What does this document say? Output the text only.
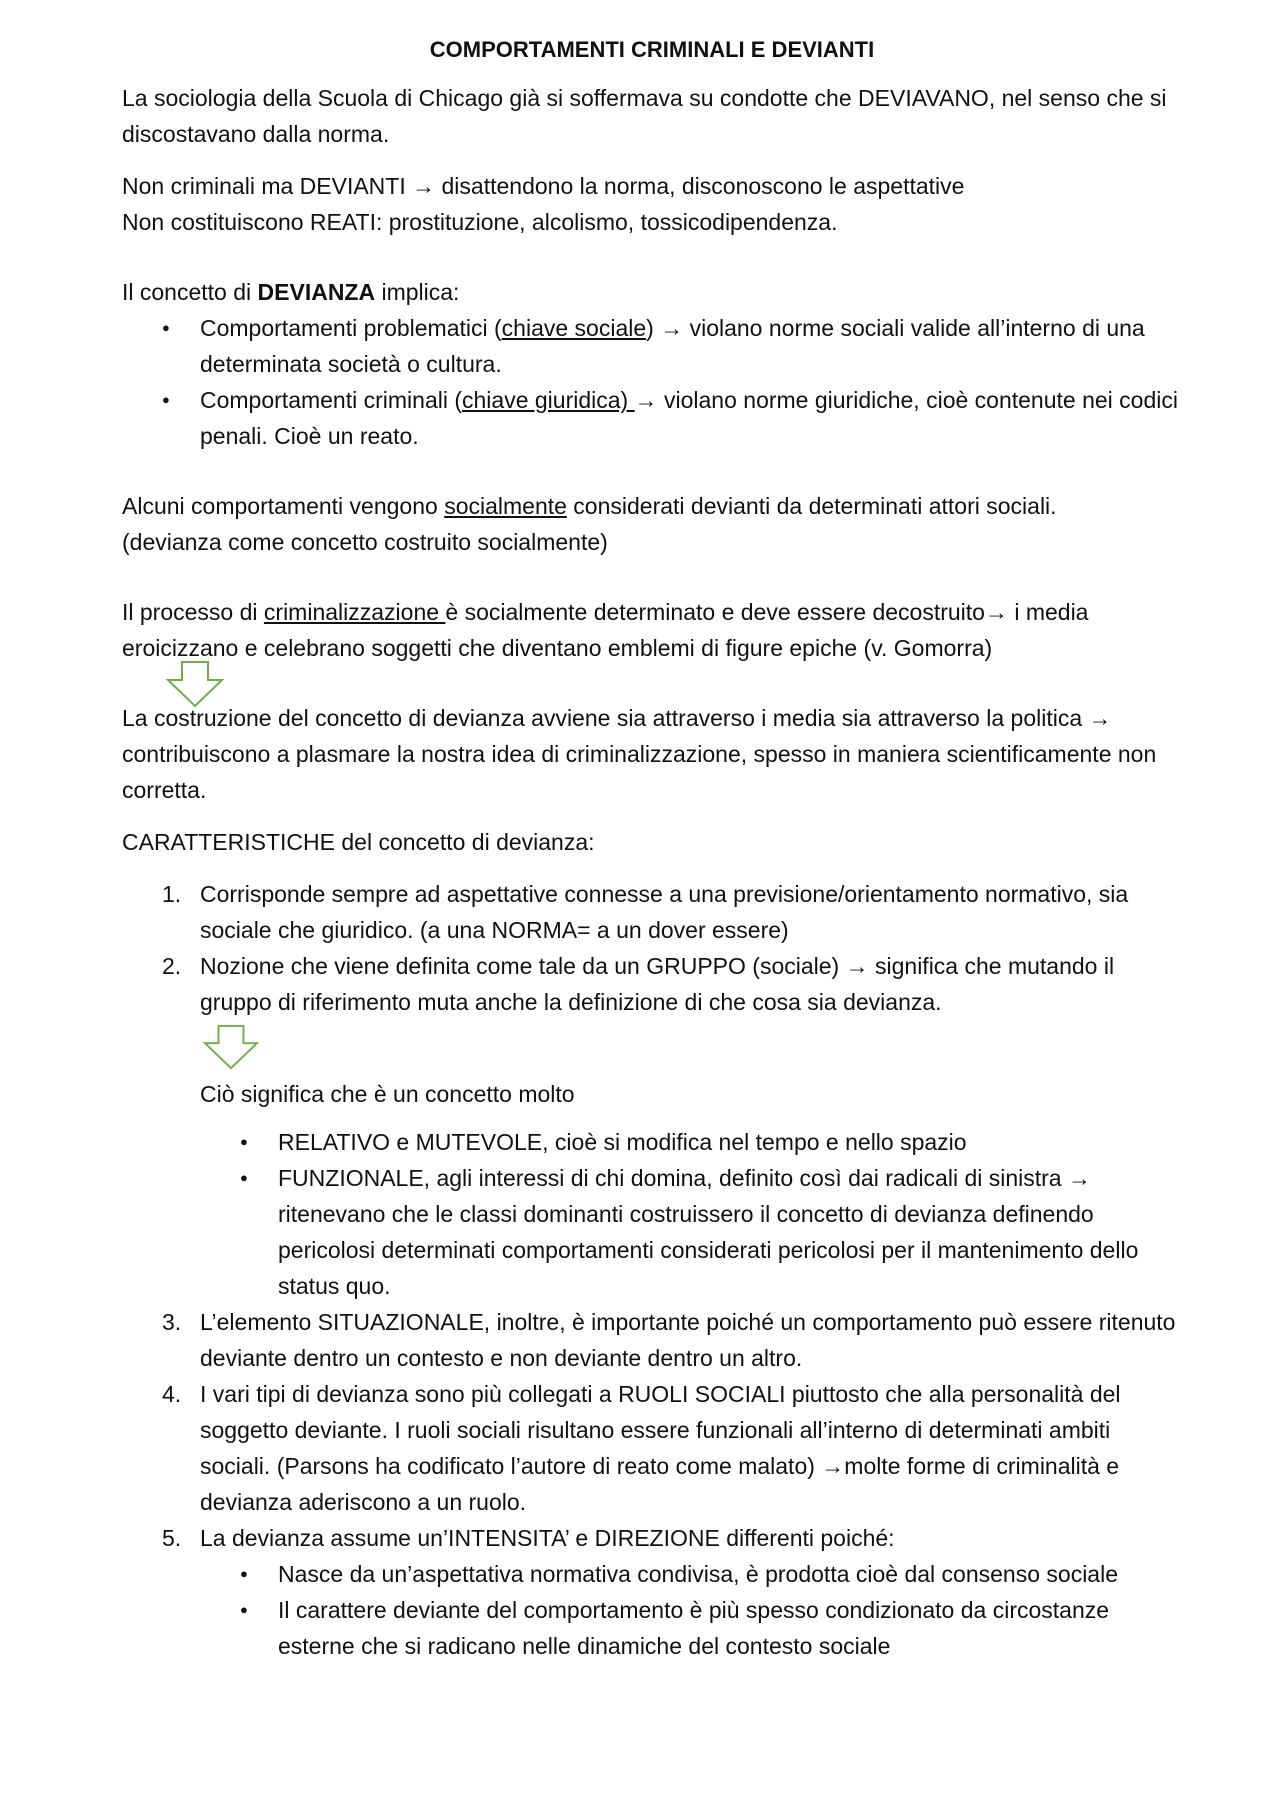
COMPORTAMENTI CRIMINALI E DEVIANTI

La sociologia della Scuola di Chicago già si soffermava su condotte che DEVIAVANO, nel senso che si discostavano dalla norma.

Non criminali ma DEVIANTI → disattendono la norma, disconoscono le aspettative

Non costituiscono REATI: prostituzione, alcolismo, tossicodipendenza.

Il concetto di DEVIANZA implica:

● Comportamenti problematici (chiave sociale) → violano norme sociali valide all’interno di una determinata società o cultura.
● Comportamenti criminali (chiave giuridica) → violano norme giuridiche, cioè contenute nei codici penali. Cioè un reato.

Alcuni comportamenti vengono socialmente considerati devianti da determinati attori sociali.

(devianza come concetto costruito socialmente)

Il processo di criminalizzazione è socialmente determinato e deve essere decostruito→ i media eroicizzano e celebrano soggetti che diventano emblemi di figure epiche (v. Gomorra)

La costruzione del concetto di devianza avviene sia attraverso i media sia attraverso la politica → contribuiscono a plasmare la nostra idea di criminalizzazione, spesso in maniera scientificamente non corretta.

CARATTERISTICHE del concetto di devianza:

1. Corrisponde sempre ad aspettative connesse a una previsione/orientamento normativo, sia sociale che giuridico. (a una NORMA= a un dover essere)
2. Nozione che viene definita come tale da un GRUPPO (sociale) → significa che mutando il gruppo di riferimento muta anche la definizione di che cosa sia devianza.

Ciò significa che è un concetto molto

● RELATIVO e MUTEVOLE, cioè si modifica nel tempo e nello spazio
● FUNZIONALE, agli interessi di chi domina, definito così dai radicali di sinistra → ritenevano che le classi dominanti costruissero il concetto di devianza definendo pericolosi determinati comportamenti considerati pericolosi per il mantenimento dello status quo.
3. L’elemento SITUAZIONALE, inoltre, è importante poiché un comportamento può essere ritenuto deviante dentro un contesto e non deviante dentro un altro.
4. I vari tipi di devianza sono più collegati a RUOLI SOCIALI piuttosto che alla personalità del soggetto deviante. I ruoli sociali risultano essere funzionali all’interno di determinati ambiti sociali. (Parsons ha codificato l’autore di reato come malato) →molte forme di criminalità e devianza aderiscono a un ruolo.
5. La devianza assume un’INTENSITA’ e DIREZIONE differenti poiché:
● Nasce da un’aspettativa normativa condivisa, è prodotta cioè dal consenso sociale
● Il carattere deviante del comportamento è più spesso condizionato da circostanze esterne che si radicano nelle dinamiche del contesto sociale
